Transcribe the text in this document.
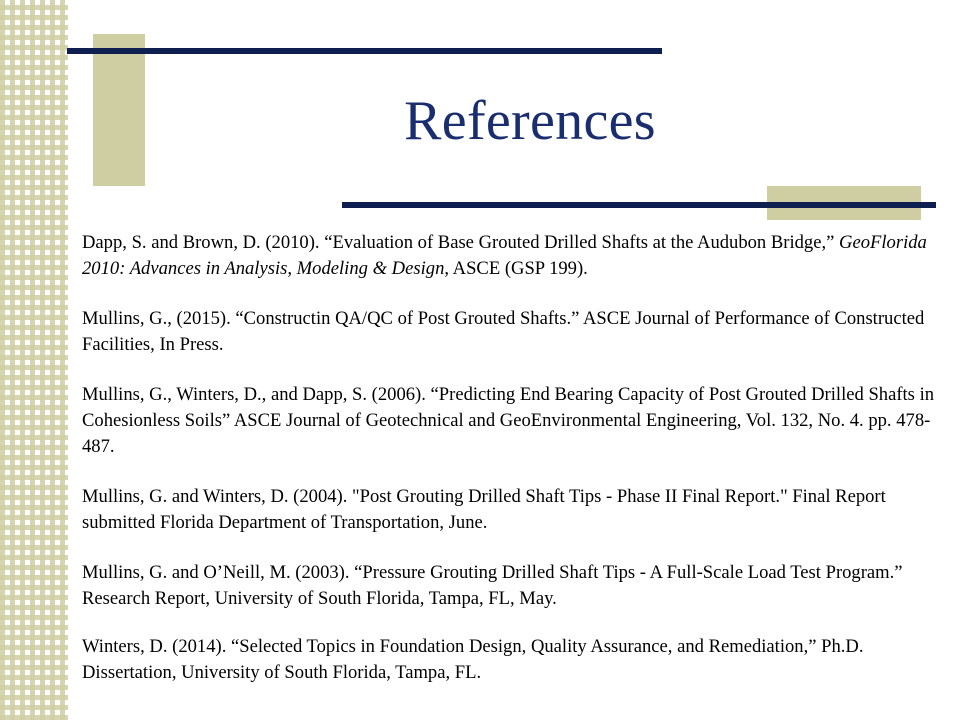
References

Dapp, S. and Brown, D. (2010). “Evaluation of Base Grouted Drilled Shafts at the Audubon Bridge,” GeoFlorida 2010: Advances in Analysis, Modeling & Design, ASCE (GSP 199).

Mullins, G., (2015). “Constructin QA/QC of Post Grouted Shafts.” ASCE Journal of Performance of Constructed Facilities, In Press.

Mullins, G., Winters, D., and Dapp, S. (2006). “Predicting End Bearing Capacity of Post Grouted Drilled Shafts in Cohesionless Soils” ASCE Journal of Geotechnical and GeoEnvironmental Engineering, Vol. 132, No. 4. pp. 478-487.

Mullins, G. and Winters, D. (2004). "Post Grouting Drilled Shaft Tips - Phase II Final Report." Final Report submitted Florida Department of Transportation, June.

Mullins, G. and O’Neill, M. (2003). “Pressure Grouting Drilled Shaft Tips - A Full-Scale Load Test Program.” Research Report, University of South Florida, Tampa, FL, May.

Winters, D. (2014). “Selected Topics in Foundation Design, Quality Assurance, and Remediation,” Ph.D. Dissertation, University of South Florida, Tampa, FL.
